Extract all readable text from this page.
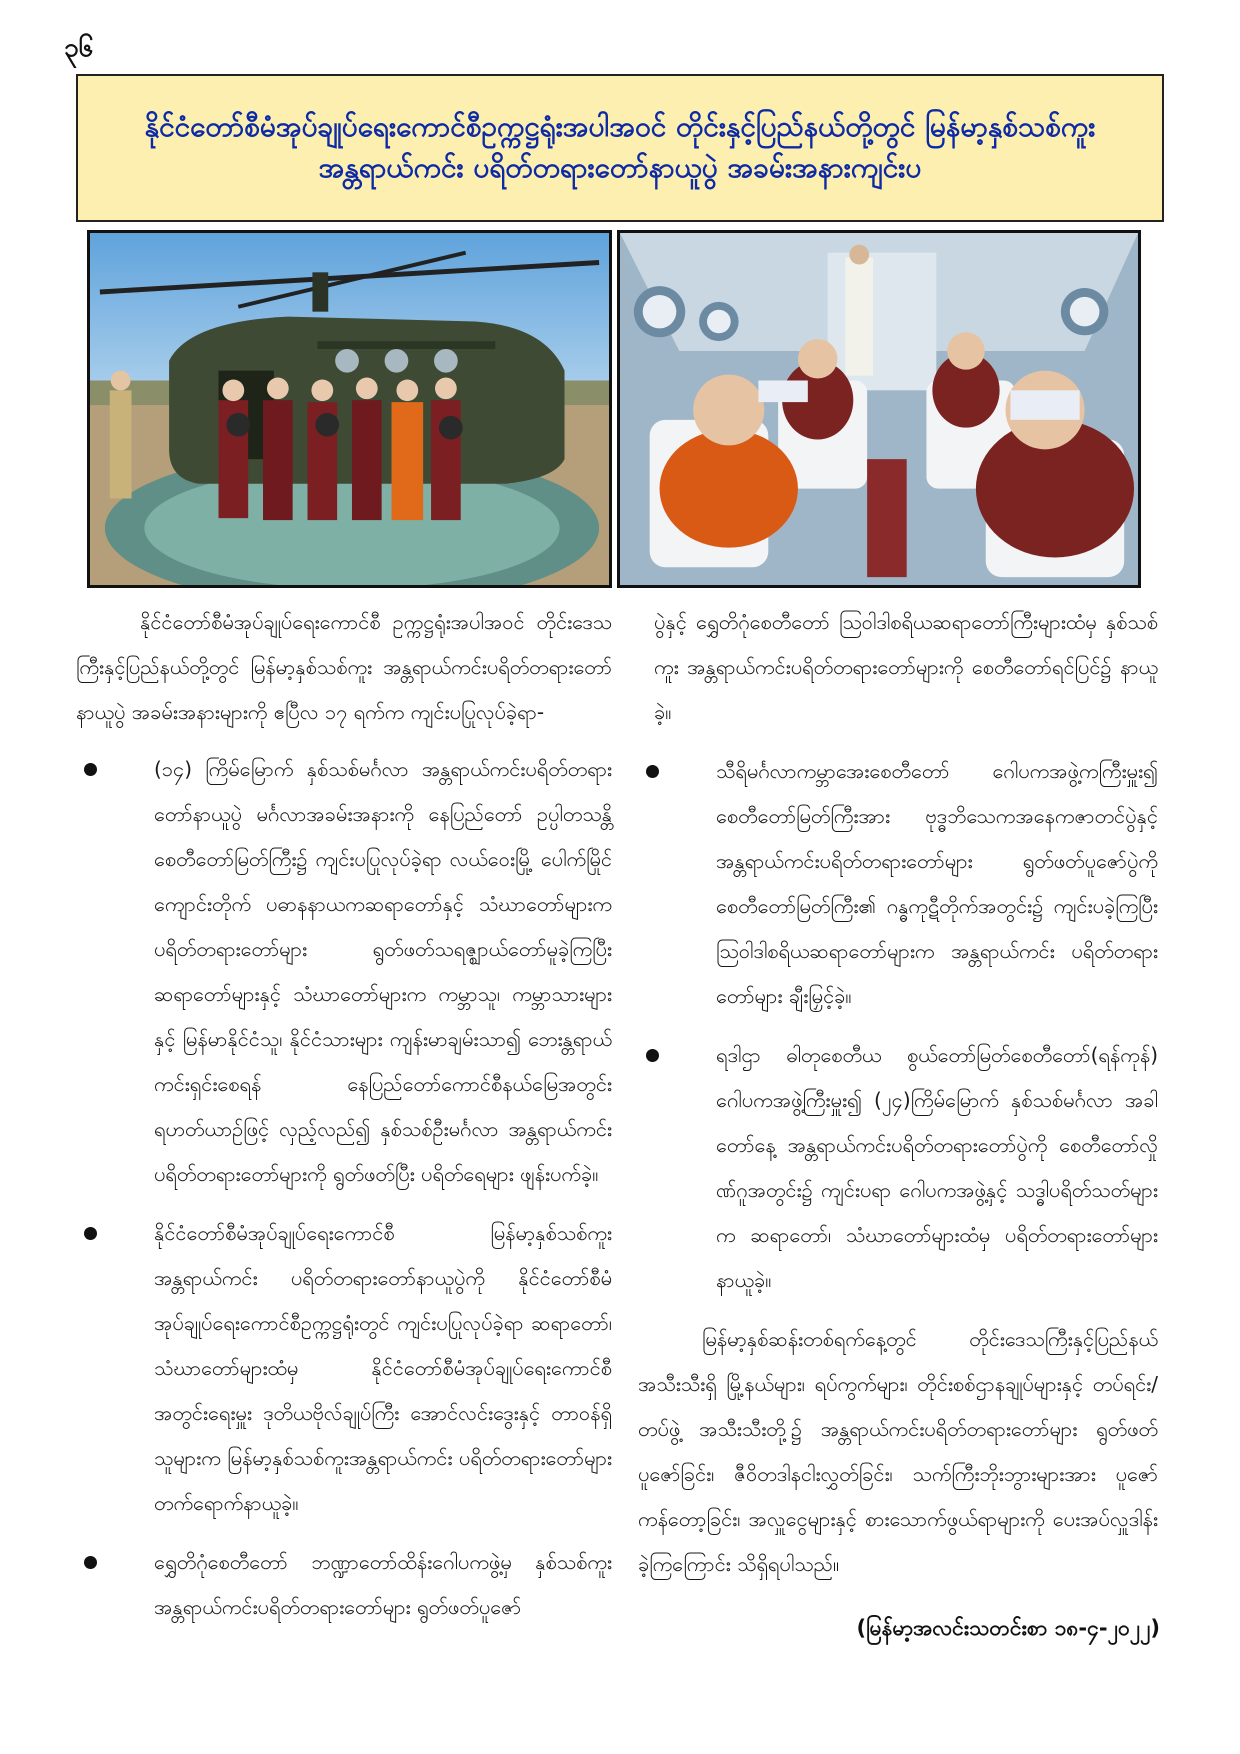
၃၆
နိုင်ငံတော်စီမံအုပ်ချုပ်ရေးကောင်စီဥက္ကဋ္ဌရုံးအပါအဝင် တိုင်းနှင့်ပြည်နယ်တို့တွင် မြန်မာ့နှစ်သစ်ကူး
အန္တရာယ်ကင်း ပရိတ်တရားတော်နာယူပွဲ အခမ်းအနားကျင်းပ

နိုင်ငံတော်စီမံအုပ်ချုပ်ရေးကောင်စီ ဥက္ကဋ္ဌရုံးအပါအဝင် တိုင်းဒေသကြီးနှင့်ပြည်နယ်တို့တွင် မြန်မာ့နှစ်သစ်ကူး အန္တရာယ်ကင်းပရိတ်တရားတော်နာယူပွဲ အခမ်းအနားများကို ဧပြီလ ၁၇ ရက်က ကျင်းပပြုလုပ်ခဲ့ရာ-

(၁၄) ကြိမ်မြောက် နှစ်သစ်မင်္ဂလာ အန္တရာယ်ကင်းပရိတ်တရားတော်နာယူပွဲ မင်္ဂလာအခမ်းအနားကို နေပြည်တော် ဥပ္ပါတသန္တိစေတီတော်မြတ်ကြီး၌ ကျင်းပပြုလုပ်ခဲ့ရာ လယ်ဝေးမြို့ ပေါက်မြိုင်ကျောင်းတိုက် ပဓာနနာယကဆရာတော်နှင့် သံဃာတော်များက ပရိတ်တရားတော်များ ရွတ်ဖတ်သရဇ္ဈာယ်တော်မူခဲ့ကြပြီး ဆရာတော်များနှင့် သံဃာတော်များက ကမ္ဘာသူ၊ ကမ္ဘာသားများနှင့် မြန်မာနိုင်ငံသူ၊ နိုင်ငံသားများ ကျန်းမာချမ်းသာ၍ ဘေးန္တရာယ်ကင်းရှင်းစေရန် နေပြည်တော်ကောင်စီနယ်မြေအတွင်း ရဟတ်ယာဉ်ဖြင့် လှည့်လည်၍ နှစ်သစ်ဦးမင်္ဂလာ အန္တရာယ်ကင်းပရိတ်တရားတော်များကို ရွတ်ဖတ်ပြီး ပရိတ်ရေများ ဖျန်းပက်ခဲ့။
နိုင်ငံတော်စီမံအုပ်ချုပ်ရေးကောင်စီ မြန်မာ့နှစ်သစ်ကူး အန္တရာယ်ကင်း ပရိတ်တရားတော်နာယူပွဲကို နိုင်ငံတော်စီမံအုပ်ချုပ်ရေးကောင်စီဥက္ကဋ္ဌရုံးတွင် ကျင်းပပြုလုပ်ခဲ့ရာ ဆရာတော်၊ သံဃာတော်များထံမှ နိုင်ငံတော်စီမံအုပ်ချုပ်ရေးကောင်စီ အတွင်းရေးမှူး ဒုတိယဗိုလ်ချုပ်ကြီး အောင်လင်းဒွေးနှင့် တာဝန်ရှိသူများက မြန်မာ့နှစ်သစ်ကူးအန္တရာယ်ကင်း ပရိတ်တရားတော်များ တက်ရောက်နာယူခဲ့။
ရွှေတိဂုံစေတီတော် ဘဏ္ဍာတော်ထိန်းဂေါပကဖွဲ့မှ နှစ်သစ်ကူး အန္တရာယ်ကင်းပရိတ်တရားတော်များ ရွတ်ဖတ်ပူဇော်
ပွဲနှင့် ရွှေတိဂုံစေတီတော် ဩဝါဒါစရိယဆရာတော်ကြီးများထံမှ နှစ်သစ်ကူး အန္တရာယ်ကင်းပရိတ်တရားတော်များကို စေတီတော်ရင်ပြင်၌ နာယူခဲ့။
သီရိမင်္ဂလာကမ္ဘာအေးစေတီတော် ဂေါပကအဖွဲ့ကကြီးမှူး၍ စေတီတော်မြတ်ကြီးအား ဗုဒ္ဓဘိသေကအနေကဇာတင်ပွဲနှင့် အန္တရာယ်ကင်းပရိတ်တရားတော်များ ရွတ်ဖတ်ပူဇော်ပွဲကို စေတီတော်မြတ်ကြီး၏ ဂန္ဓကုဋီတိုက်အတွင်း၌ ကျင်းပခဲ့ကြပြီး ဩဝါဒါစရိယဆရာတော်များက အန္တရာယ်ကင်း ပရိတ်တရားတော်များ ချီးမြှင့်ခဲ့။
ရဒါဌာ ဓါတုစေတီယ စွယ်တော်မြတ်စေတီတော်(ရန်ကုန်) ဂေါပကအဖွဲ့ကြီးမှူး၍ (၂၄)ကြိမ်မြောက် နှစ်သစ်မင်္ဂလာ အခါတော်နေ့ အန္တရာယ်ကင်းပရိတ်တရားတော်ပွဲကို စေတီတော်လှိုဏ်ဂူအတွင်း၌ ကျင်းပရာ ဂေါပကအဖွဲ့နှင့် သဒ္ဓါပရိတ်သတ်များက ဆရာတော်၊ သံဃာတော်များထံမှ ပရိတ်တရားတော်များ နာယူခဲ့။

မြန်မာ့နှစ်ဆန်းတစ်ရက်နေ့တွင် တိုင်းဒေသကြီးနှင့်ပြည်နယ်အသီးသီးရှိ မြို့နယ်များ၊ ရပ်ကွက်များ၊ တိုင်းစစ်ဌာနချုပ်များနှင့် တပ်ရင်း/တပ်ဖွဲ့ အသီးသီးတို့၌ အန္တရာယ်ကင်းပရိတ်တရားတော်များ ရွတ်ဖတ်ပူဇော်ခြင်း၊ ဇီဝိတဒါနငါးလွှတ်ခြင်း၊ သက်ကြီးဘိုးဘွားများအား ပူဇော်ကန်တော့ခြင်း၊ အလှူငွေများနှင့် စားသောက်ဖွယ်ရာများကို ပေးအပ်လှူဒါန်းခဲ့ကြကြောင်း သိရှိရပါသည်။

(မြန်မာ့အလင်းသတင်းစာ ၁၈-၄-၂၀၂၂)
